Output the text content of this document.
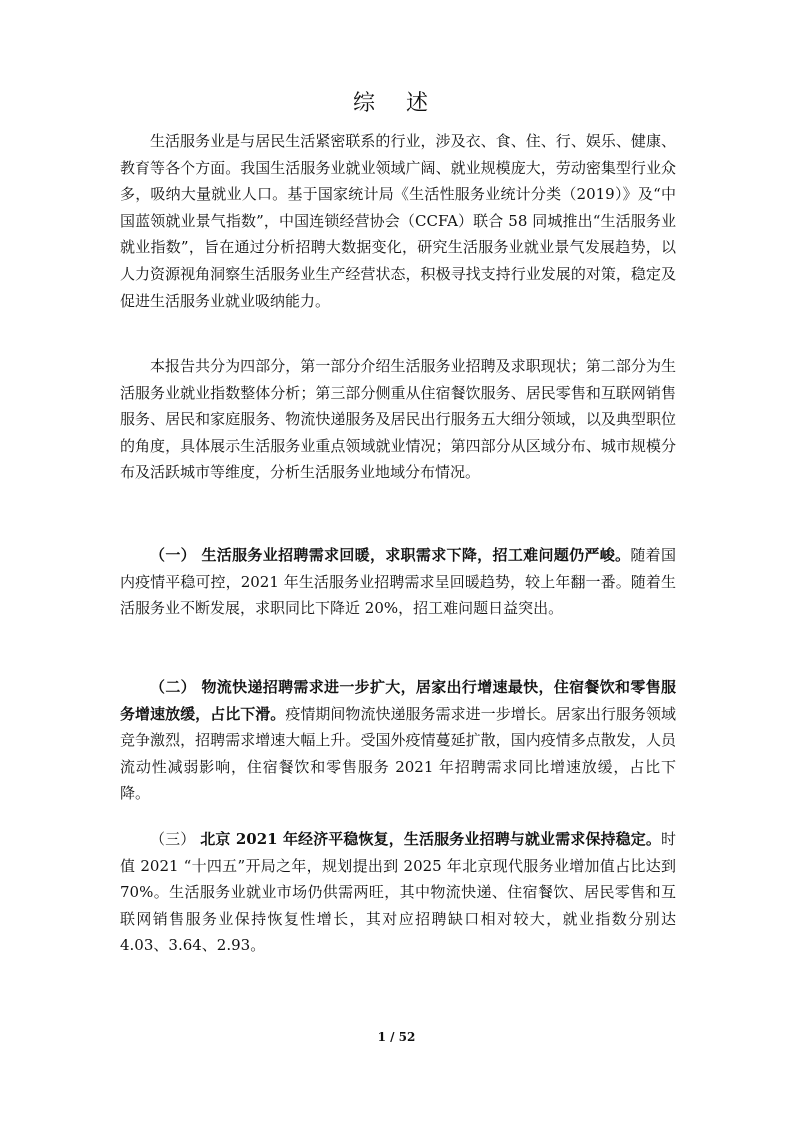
综 述

生活服务业是与居民生活紧密联系的行业，涉及衣、食、住、行、娱乐、健康、教育等各个方面。我国生活服务业就业领域广阔、就业规模庞大，劳动密集型行业众多，吸纳大量就业人口。基于国家统计局《生活性服务业统计分类（2019）》及“中国蓝领就业景气指数”，中国连锁经营协会（CCFA）联合 58 同城推出“生活服务业就业指数”，旨在通过分析招聘大数据变化，研究生活服务业就业景气发展趋势，以人力资源视角洞察生活服务业生产经营状态，积极寻找支持行业发展的对策，稳定及促进生活服务业就业吸纳能力。

本报告共分为四部分，第一部分介绍生活服务业招聘及求职现状；第二部分为生活服务业就业指数整体分析；第三部分侧重从住宿餐饮服务、居民零售和互联网销售服务、居民和家庭服务、物流快递服务及居民出行服务五大细分领域，以及典型职位的角度，具体展示生活服务业重点领域就业情况；第四部分从区域分布、城市规模分布及活跃城市等维度，分析生活服务业地域分布情况。

（一） 生活服务业招聘需求回暖，求职需求下降，招工难问题仍严峻。随着国内疫情平稳可控，2021 年生活服务业招聘需求呈回暖趋势，较上年翻一番。随着生活服务业不断发展，求职同比下降近 20%，招工难问题日益突出。

（二） 物流快递招聘需求进一步扩大，居家出行增速最快，住宿餐饮和零售服务增速放缓，占比下滑。疫情期间物流快递服务需求进一步增长。居家出行服务领域竞争激烈，招聘需求增速大幅上升。受国外疫情蔓延扩散，国内疫情多点散发，人员流动性减弱影响，住宿餐饮和零售服务 2021 年招聘需求同比增速放缓，占比下降。

（三） 北京 2021 年经济平稳恢复，生活服务业招聘与就业需求保持稳定。时值 2021 “十四五”开局之年，规划提出到 2025 年北京现代服务业增加值占比达到 70%。生活服务业就业市场仍供需两旺，其中物流快递、住宿餐饮、居民零售和互联网销售服务业保持恢复性增长，其对应招聘缺口相对较大，就业指数分别达 4.03、3.64、2.93。

1 / 52
